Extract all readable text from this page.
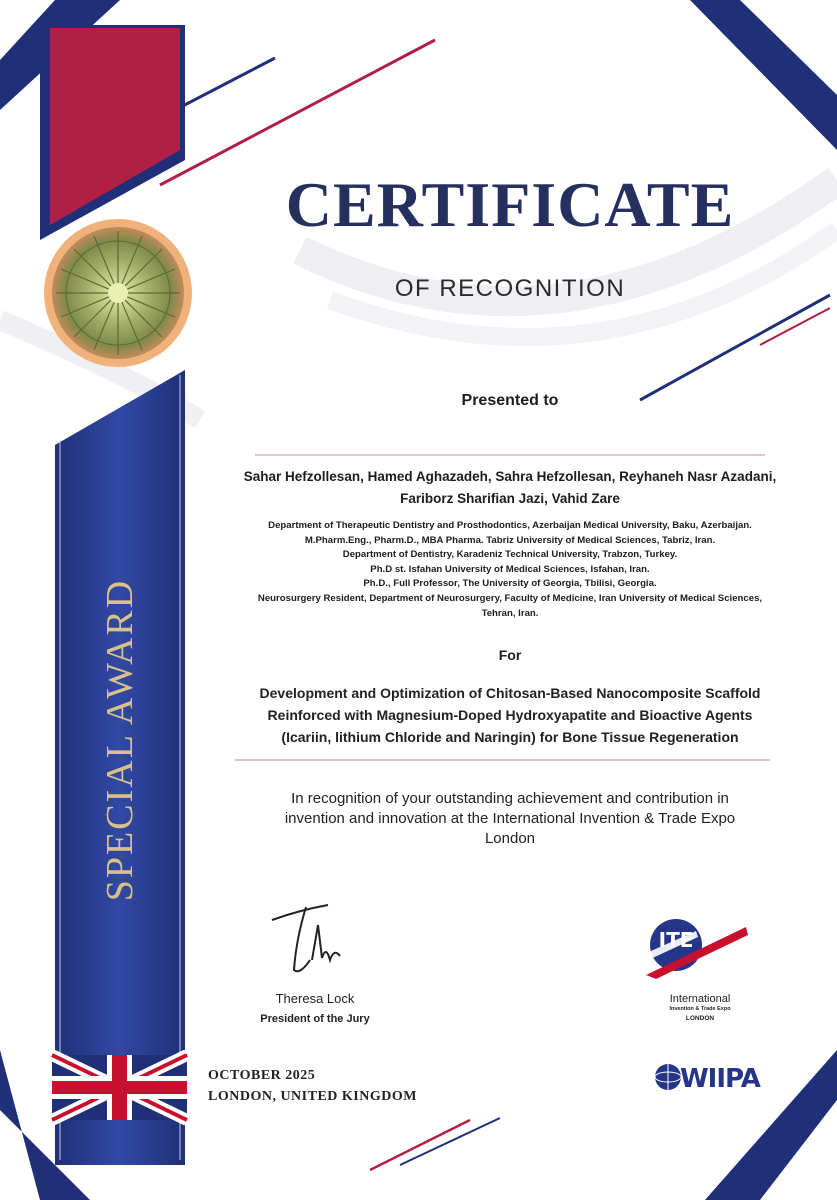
SPECIAL AWARD
CERTIFICATE
OF RECOGNITION
Presented to
Sahar Hefzollesan, Hamed Aghazadeh, Sahra Hefzollesan, Reyhaneh Nasr Azadani,
Fariborz Sharifian Jazi, Vahid Zare
Department of Therapeutic Dentistry and Prosthodontics, Azerbaijan Medical University, Baku, Azerbaijan.
M.Pharm.Eng., Pharm.D., MBA Pharma. Tabriz University of Medical Sciences, Tabriz, Iran.
Department of Dentistry, Karadeniz Technical University, Trabzon, Turkey.
Ph.D st. Isfahan University of Medical Sciences, Isfahan, Iran.
Ph.D., Full Professor, The University of Georgia, Tbilisi, Georgia.
Neurosurgery Resident, Department of Neurosurgery, Faculty of Medicine, Iran University of Medical Sciences,
Tehran, Iran.
For
Development and Optimization of Chitosan-Based Nanocomposite Scaffold
Reinforced with Magnesium-Doped Hydroxyapatite and Bioactive Agents
(Icariin, lithium Chloride and Naringin) for Bone Tissue Regeneration
In recognition of your outstanding achievement and contribution in
invention and innovation at the International Invention & Trade Expo
London
Theresa Lock
President of the Jury
OCTOBER 2025
LONDON, UNITED KINGDOM
ITE
International
Invention & Trade Expo
LONDON
WIIPA
